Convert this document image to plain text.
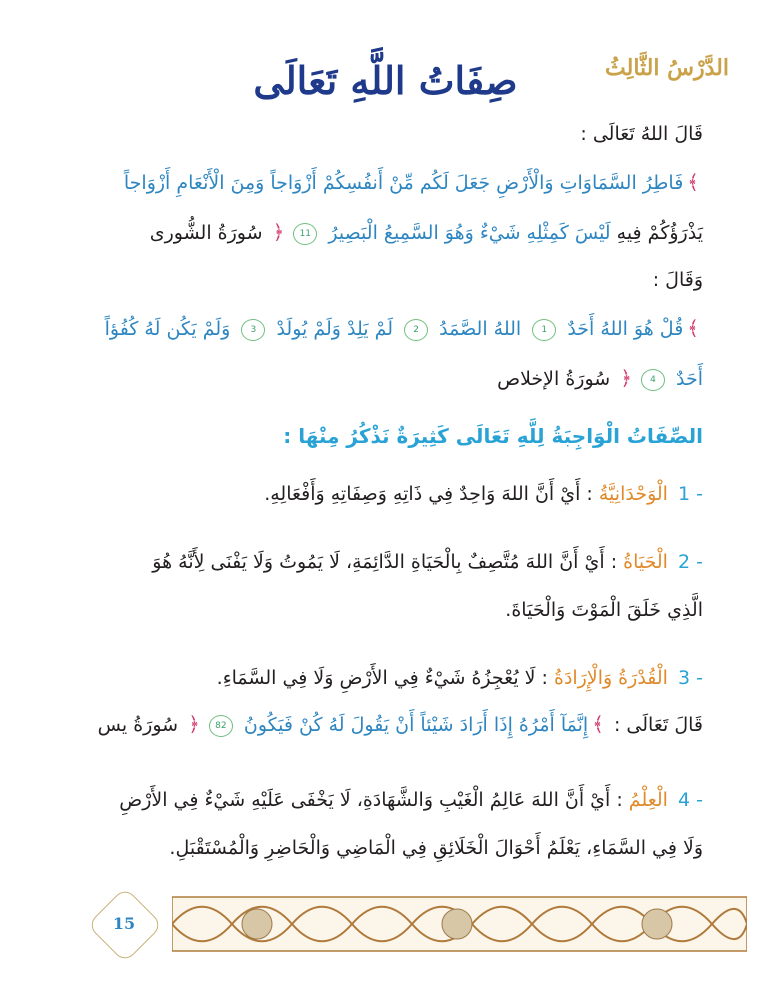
الدَّرْسُ الثَّالِثُ
صِفَاتُ اللَّهِ تَعَالَى
قَالَ اللهُ تَعَالَى :
﴾فَاطِرُ السَّمَاوَاتِ وَالْأَرْضِ جَعَلَ لَكُم مِّنْ أَنفُسِكُمْ أَزْوَاجاً وَمِنَ الْأَنْعَامِ أَزْوَاجاً
يَذْرَؤُكُمْ فِيهِ لَيْسَ كَمِثْلِهِ شَيْءٌ وَهُوَ السَّمِيعُ الْبَصِيرُ 11﴿ سُورَةُ الشُّورى
وَقَالَ :
﴾قُلْ هُوَ اللهُ أَحَدٌ 1 اللهُ الصَّمَدُ 2 لَمْ يَلِدْ وَلَمْ يُولَدْ 3 وَلَمْ يَكُن لَهُ كُفُؤاً
أَحَدٌ 4﴿ سُورَةُ الإخلاص
الصِّفَاتُ الْوَاجِبَةُ لِلَّهِ تَعَالَى كَثِيرَةٌ نَذْكُرُ مِنْهَا :
1 - الْوَحْدَانِيَّةُ : أَيْ أَنَّ اللهَ وَاحِدٌ فِي ذَاتِهِ وَصِفَاتِهِ وَأَفْعَالِهِ.
2 - الْحَيَاةُ : أَيْ أَنَّ اللهَ مُتَّصِفٌ بِالْحَيَاةِ الدَّائِمَةِ، لَا يَمُوتُ وَلَا يَفْنَى لِأَنَّهُ هُوَ
الَّذِي خَلَقَ الْمَوْتَ وَالْحَيَاةَ.
3 - الْقُدْرَةُ وَالْإِرَادَةُ : لَا يُعْجِزُهُ شَيْءٌ فِي الأَرْضِ وَلَا فِي السَّمَاءِ.
قَالَ تَعَالَى : ﴾إِنَّمَآ أَمْرُهُ إِذَا أَرَادَ شَيْئاً أَنْ يَقُولَ لَهُ كُنْ فَيَكُونُ 82﴿ سُورَةُ يس
4 - الْعِلْمُ : أَيْ أَنَّ اللهَ عَالِمُ الْغَيْبِ وَالشَّهَادَةِ، لَا يَخْفَى عَلَيْهِ شَيْءٌ فِي الأَرْضِ
وَلَا فِي السَّمَاءِ، يَعْلَمُ أَحْوَالَ الْخَلَائِقِ فِي الْمَاضِي وَالْحَاضِرِ وَالْمُسْتَقْبَلِ.
15
